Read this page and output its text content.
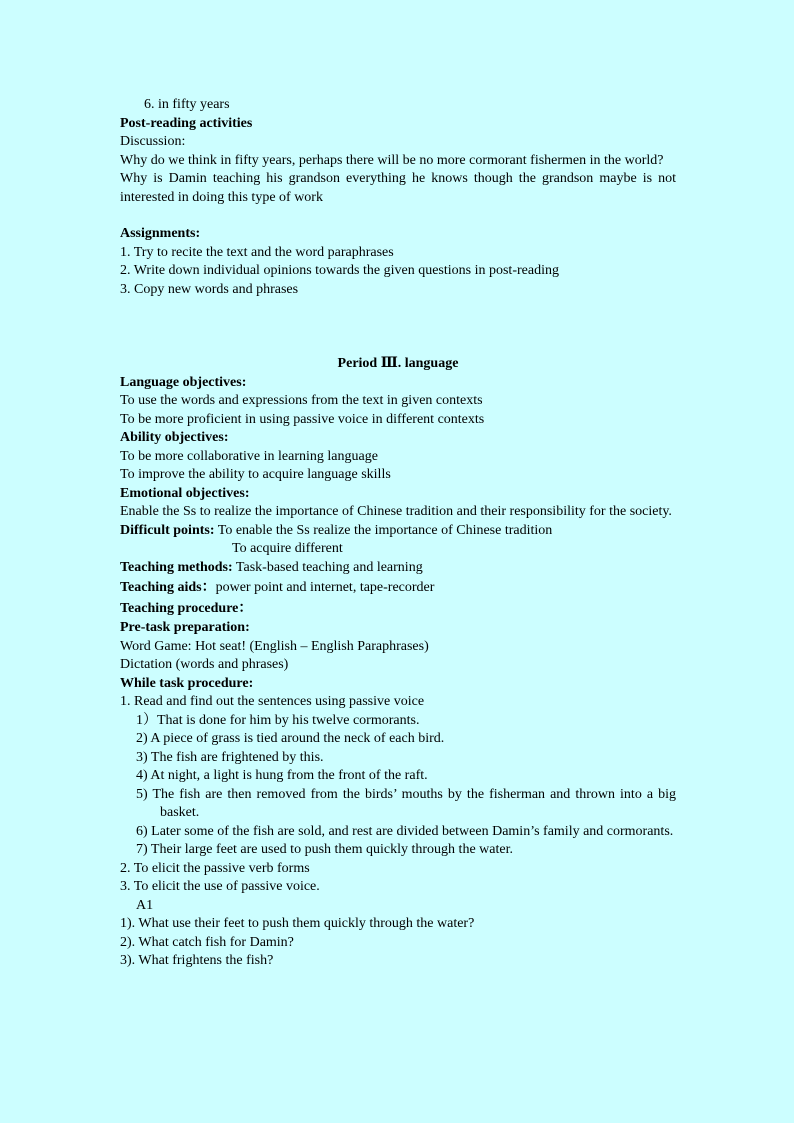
6. in fifty years
Post-reading activities
Discussion:
Why do we think in fifty years, perhaps there will be no more cormorant fishermen in the world?
Why is Damin teaching his grandson everything he knows though the grandson maybe is not interested in doing this type of work
Assignments:
1. Try to recite the text and the word paraphrases
2. Write down individual opinions towards the given questions in post-reading
3. Copy new words and phrases
Period Ⅲ. language
Language objectives:
To use the words and expressions from the text in given contexts
To be more proficient in using passive voice in different contexts
Ability objectives:
To be more collaborative in learning language
To improve the ability to acquire language skills
Emotional objectives:
Enable the Ss to realize the importance of Chinese tradition and their responsibility for the society.
Difficult points: To enable the Ss realize the importance of Chinese tradition
To acquire different
Teaching methods: Task-based teaching and learning
Teaching aids：power point and internet, tape-recorder
Teaching procedure：
Pre-task preparation:
Word Game: Hot seat! (English – English Paraphrases)
Dictation (words and phrases)
While task procedure:
1. Read and find out the sentences using passive voice
1）That is done for him by his twelve cormorants.
2) A piece of grass is tied around the neck of each bird.
3) The fish are frightened by this.
4) At night, a light is hung from the front of the raft.
5) The fish are then removed from the birds’ mouths by the fisherman and thrown into a big basket.
6) Later some of the fish are sold, and rest are divided between Damin’s family and cormorants.
7) Their large feet are used to push them quickly through the water.
2. To elicit the passive verb forms
3. To elicit the use of passive voice.
A1
1). What use their feet to push them quickly through the water?
2). What catch fish for Damin?
3). What frightens the fish?
